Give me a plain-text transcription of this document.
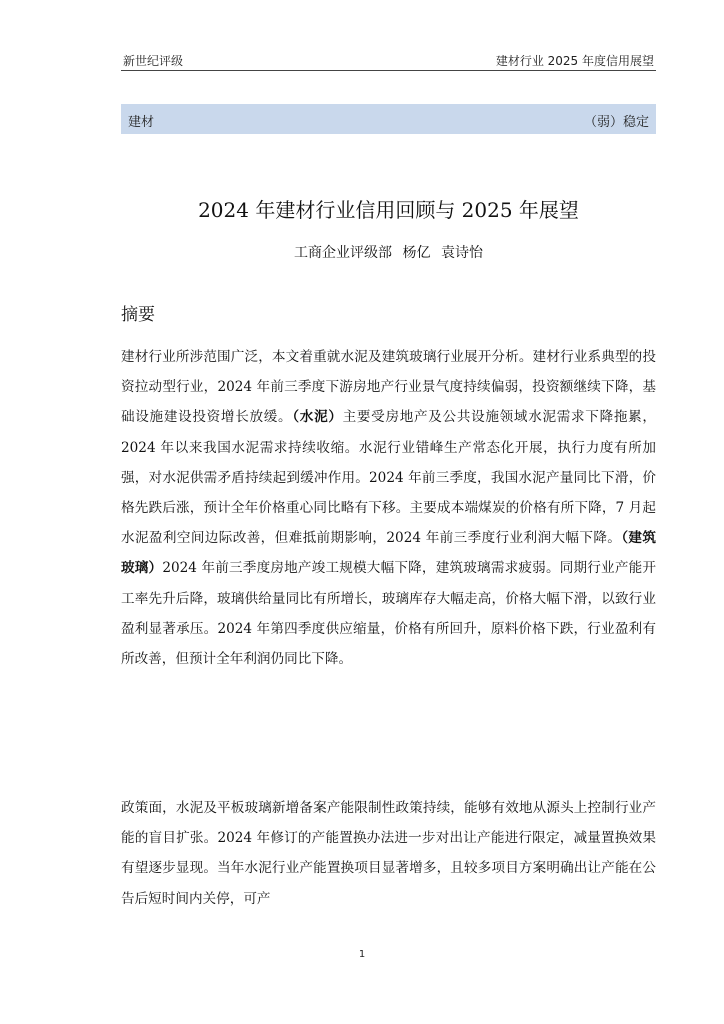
新世纪评级	建材行业 2025 年度信用展望
建材	（弱）稳定
2024 年建材行业信用回顾与 2025 年展望
工商企业评级部 杨亿 袁诗怡
摘要
建材行业所涉范围广泛，本文着重就水泥及建筑玻璃行业展开分析。建材行业系典型的投资拉动型行业，2024 年前三季度下游房地产行业景气度持续偏弱，投资额继续下降，基础设施建设投资增长放缓。（水泥）主要受房地产及公共设施领域水泥需求下降拖累，2024 年以来我国水泥需求持续收缩。水泥行业错峰生产常态化开展，执行力度有所加强，对水泥供需矛盾持续起到缓冲作用。2024 年前三季度，我国水泥产量同比下滑，价格先跌后涨，预计全年价格重心同比略有下移。主要成本端煤炭的价格有所下降，7 月起水泥盈利空间边际改善，但难抵前期影响，2024 年前三季度行业利润大幅下降。（建筑玻璃）2024 年前三季度房地产竣工规模大幅下降，建筑玻璃需求疲弱。同期行业产能开工率先升后降，玻璃供给量同比有所增长，玻璃库存大幅走高，价格大幅下滑，以致行业盈利显著承压。2024 年第四季度供应缩量，价格有所回升，原料价格下跌，行业盈利有所改善，但预计全年利润仍同比下降。
政策面，水泥及平板玻璃新增备案产能限制性政策持续，能够有效地从源头上控制行业产能的盲目扩张。2024 年修订的产能置换办法进一步对出让产能进行限定，减量置换效果有望逐步显现。当年水泥行业产能置换项目显著增多，且较多项目方案明确出让产能在公告后短时间内关停，可产
1
